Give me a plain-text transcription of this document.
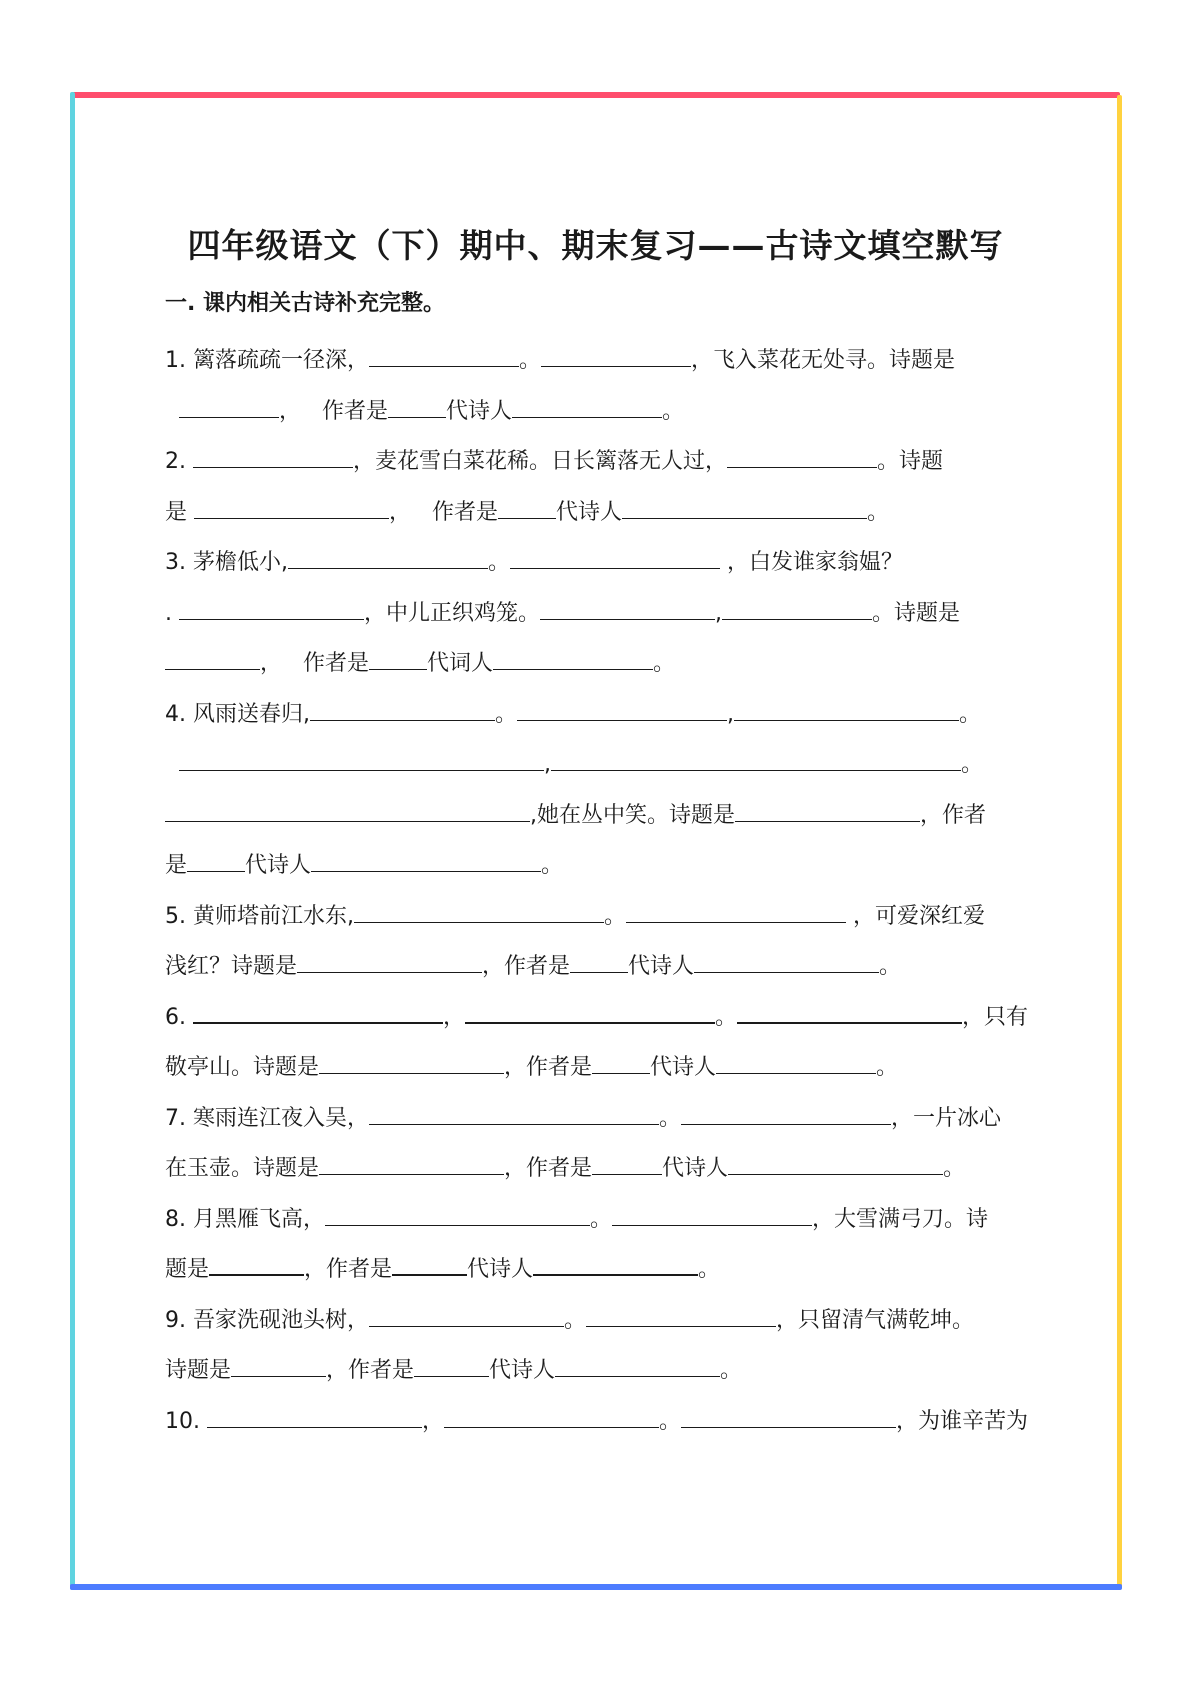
四年级语文（下）期中、期末复习——古诗文填空默写
一. 课内相关古诗补充完整。
1. 篱落疏疏一径深，	。	，飞入菜花无处寻。诗题是
，   作者是	代诗人	。
2.	，麦花雪白菜花稀。日长篱落无人过，	。诗题
是	，   作者是	代诗人	。
3. 茅檐低小,	。	，白发谁家翁媪？
.	，中儿正织鸡笼。	,	。诗题是
，   作者是	代词人	。
4. 风雨送春归,	。	,	。
,	。
,她在丛中笑。诗题是	，作者
是	代诗人	。
5. 黄师塔前江水东,	。	，可爱深红爱
浅红？诗题是	，作者是	代诗人	。
6.	，	。	，只有
敬亭山。诗题是	，作者是	代诗人	。
7. 寒雨连江夜入吴，	。	，一片冰心
在玉壶。诗题是	，作者是	代诗人	。
8. 月黑雁飞高，	。	，大雪满弓刀。诗
题是	，作者是	代诗人	。
9. 吾家洗砚池头树，	。	，只留清气满乾坤。
诗题是	，作者是	代诗人	。
10.	，	。	，为谁辛苦为
